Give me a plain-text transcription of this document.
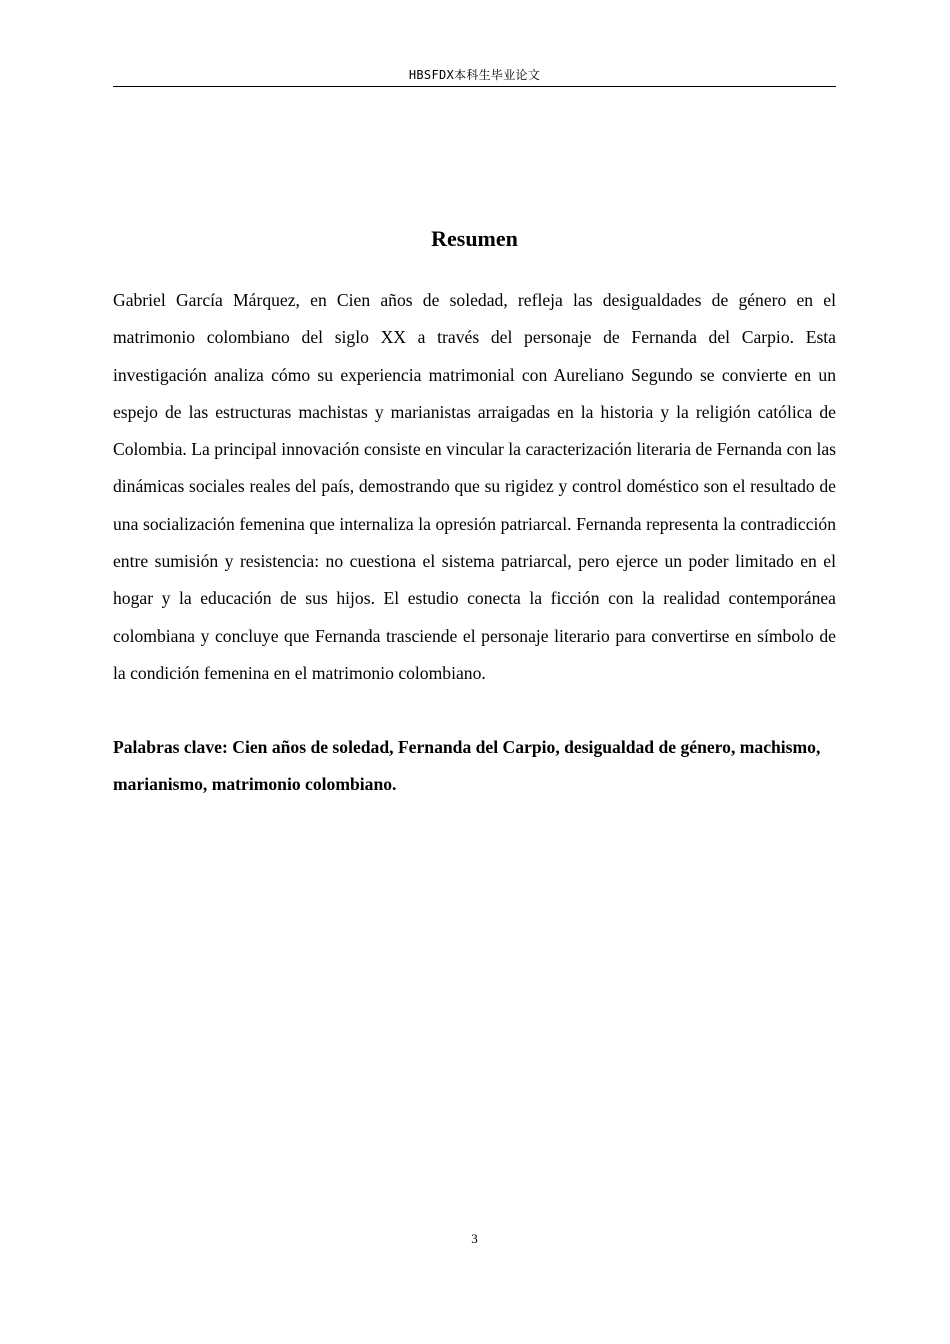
HBSFDX本科生毕业论文
Resumen

Gabriel García Márquez, en Cien años de soledad, refleja las desigualdades de género en el matrimonio colombiano del siglo XX a través del personaje de Fernanda del Carpio. Esta investigación analiza cómo su experiencia matrimonial con Aureliano Segundo se convierte en un espejo de las estructuras machistas y marianistas arraigadas en la historia y la religión católica de Colombia. La principal innovación consiste en vincular la caracterización literaria de Fernanda con las dinámicas sociales reales del país, demostrando que su rigidez y control doméstico son el resultado de una socialización femenina que internaliza la opresión patriarcal. Fernanda representa la contradicción entre sumisión y resistencia: no cuestiona el sistema patriarcal, pero ejerce un poder limitado en el hogar y la educación de sus hijos. El estudio conecta la ficción con la realidad contemporánea colombiana y concluye que Fernanda trasciende el personaje literario para convertirse en símbolo de la condición femenina en el matrimonio colombiano.

Palabras clave: Cien años de soledad, Fernanda del Carpio, desigualdad de género, machismo, marianismo, matrimonio colombiano.

3
